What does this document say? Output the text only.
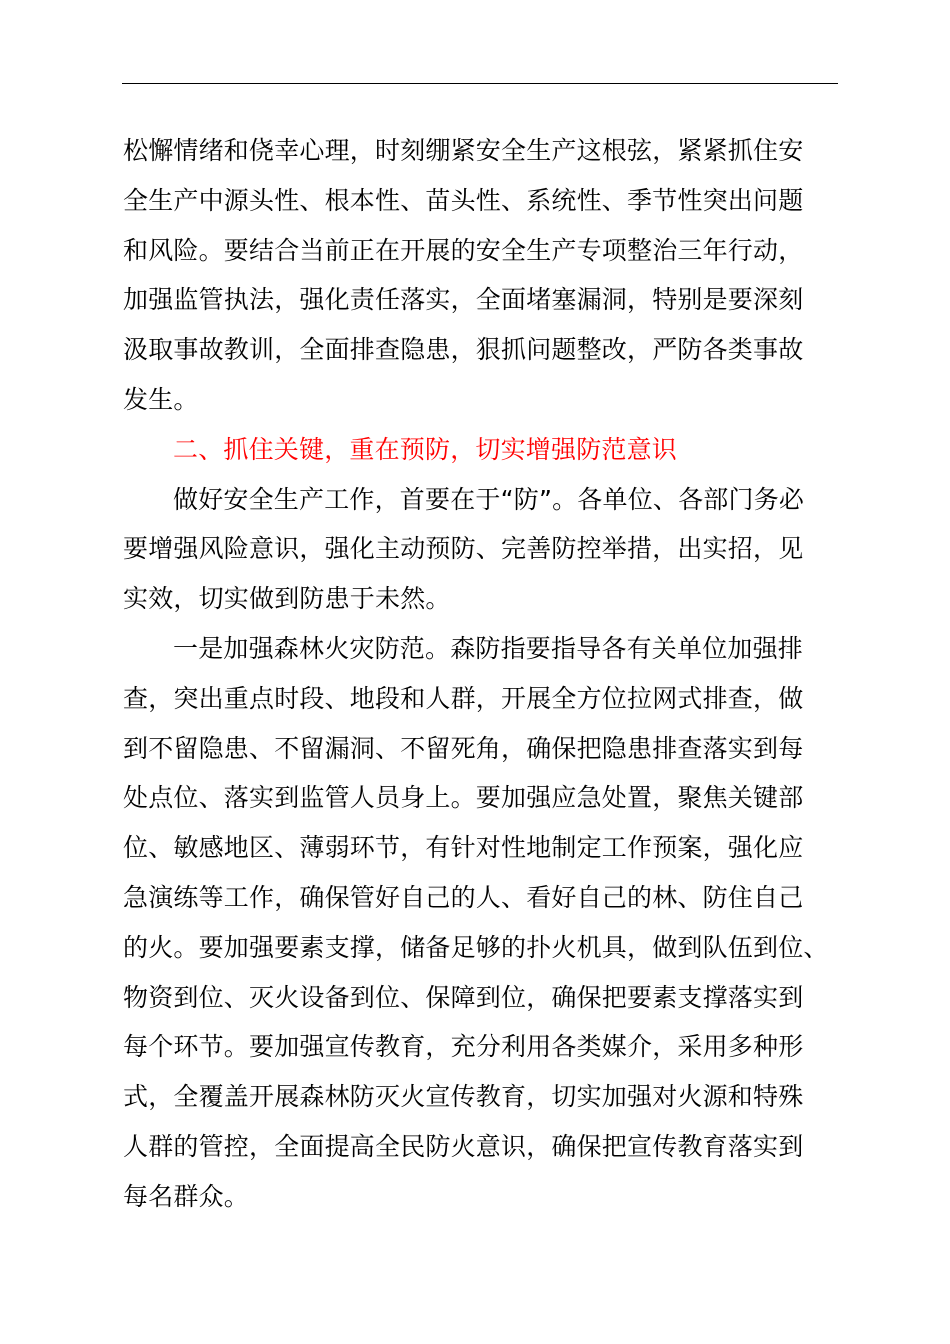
松懈情绪和侥幸心理，时刻绷紧安全生产这根弦，紧紧抓住安
全生产中源头性、根本性、苗头性、系统性、季节性突出问题
和风险。要结合当前正在开展的安全生产专项整治三年行动，
加强监管执法，强化责任落实，全面堵塞漏洞，特别是要深刻
汲取事故教训，全面排查隐患，狠抓问题整改，严防各类事故
发生。
二、抓住关键，重在预防，切实增强防范意识
做好安全生产工作，首要在于“防”。各单位、各部门务必
要增强风险意识，强化主动预防、完善防控举措，出实招，见
实效，切实做到防患于未然。
一是加强森林火灾防范。森防指要指导各有关单位加强排
查，突出重点时段、地段和人群，开展全方位拉网式排查，做
到不留隐患、不留漏洞、不留死角，确保把隐患排查落实到每
处点位、落实到监管人员身上。要加强应急处置，聚焦关键部
位、敏感地区、薄弱环节，有针对性地制定工作预案，强化应
急演练等工作，确保管好自己的人、看好自己的林、防住自己
的火。要加强要素支撑，储备足够的扑火机具，做到队伍到位、
物资到位、灭火设备到位、保障到位，确保把要素支撑落实到
每个环节。要加强宣传教育，充分利用各类媒介，采用多种形
式，全覆盖开展森林防灭火宣传教育，切实加强对火源和特殊
人群的管控，全面提高全民防火意识，确保把宣传教育落实到
每名群众。
